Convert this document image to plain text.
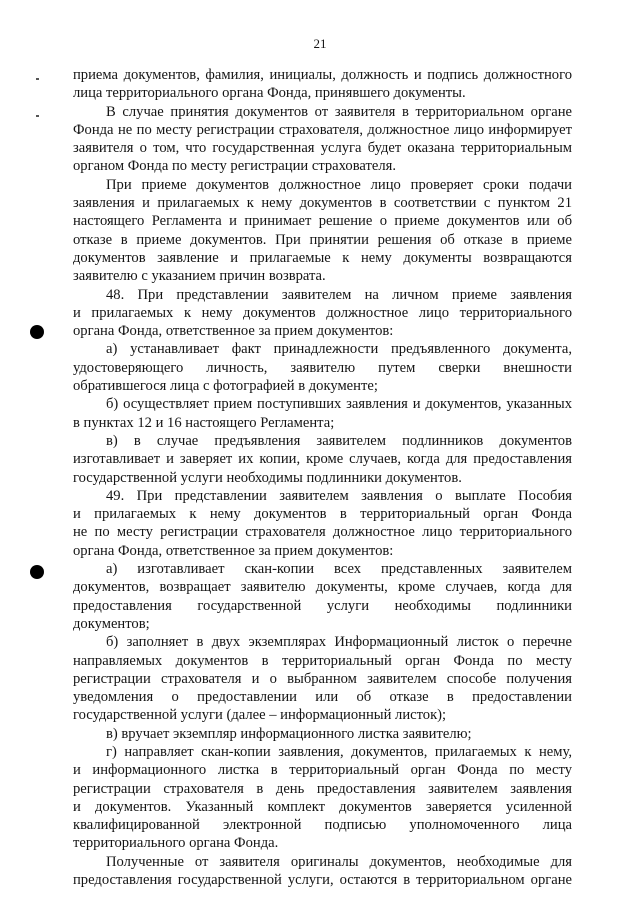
21
приема документов, фамилия, инициалы, должность и подпись должностного
лица территориального органа Фонда, принявшего документы.
В случае принятия документов от заявителя в территориальном органе
Фонда не по месту регистрации страхователя, должностное лицо информирует
заявителя о том, что государственная услуга будет оказана территориальным
органом Фонда по месту регистрации страхователя.
При приеме документов должностное лицо проверяет сроки подачи
заявления и прилагаемых к нему документов в соответствии с пунктом 21
настоящего Регламента и принимает решение о приеме документов или об
отказе в приеме документов. При принятии решения об отказе в приеме
документов заявление и прилагаемые к нему документы возвращаются
заявителю с указанием причин возврата.
48. При представлении заявителем на личном приеме заявления
и прилагаемых к нему документов должностное лицо территориального
органа Фонда, ответственное за прием документов:
а) устанавливает факт принадлежности предъявленного документа,
удостоверяющего личность, заявителю путем сверки внешности
обратившегося лица с фотографией в документе;
б) осуществляет прием поступивших заявления и документов, указанных
в пунктах 12 и 16 настоящего Регламента;
в) в случае предъявления заявителем подлинников документов
изготавливает и заверяет их копии, кроме случаев, когда для предоставления
государственной услуги необходимы подлинники документов.
49. При представлении заявителем заявления о выплате Пособия
и прилагаемых к нему документов в территориальный орган Фонда
не по месту регистрации страхователя должностное лицо территориального
органа Фонда, ответственное за прием документов:
а) изготавливает скан-копии всех представленных заявителем
документов, возвращает заявителю документы, кроме случаев, когда для
предоставления государственной услуги необходимы подлинники
документов;
б) заполняет в двух экземплярах Информационный листок о перечне
направляемых документов в территориальный орган Фонда по месту
регистрации страхователя и о выбранном заявителем способе получения
уведомления о предоставлении или об отказе в предоставлении
государственной услуги (далее – информационный листок);
в) вручает экземпляр информационного листка заявителю;
г) направляет скан-копии заявления, документов, прилагаемых к нему,
и информационного листка в территориальный орган Фонда по месту
регистрации страхователя в день предоставления заявителем заявления
и документов. Указанный комплект документов заверяется усиленной
квалифицированной электронной подписью уполномоченного лица
территориального органа Фонда.
Полученные от заявителя оригиналы документов, необходимые для
предоставления государственной услуги, остаются в территориальном органе
